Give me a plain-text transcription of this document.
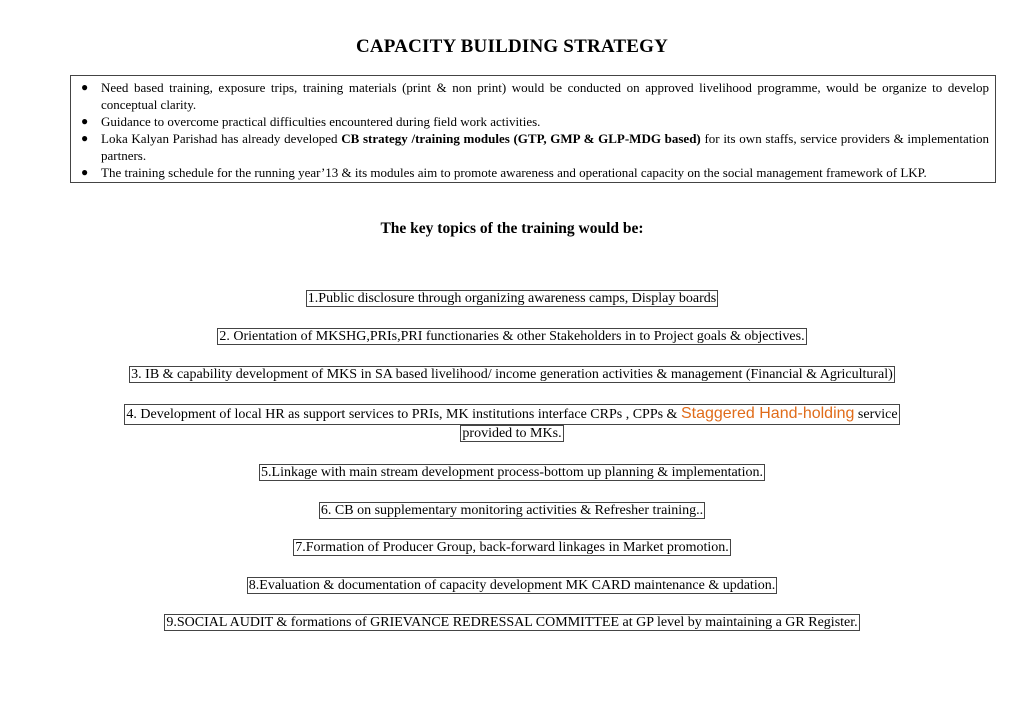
CAPACITY BUILDING STRATEGY
● Need based training, exposure trips, training materials (print & non print) would be conducted on approved livelihood programme, would be organize to develop conceptual clarity.
● Guidance to overcome practical difficulties encountered during field work activities.
● Loka Kalyan Parishad has already developed CB strategy /training modules (GTP, GMP & GLP-MDG based) for its own staffs, service providers & implementation partners.
● The training schedule for the running year’13 & its modules aim to promote awareness and operational capacity on the social management framework of LKP.
The key topics of the training would be:
1.Public disclosure through organizing awareness camps, Display boards
2. Orientation of MKSHG,PRIs,PRI functionaries & other Stakeholders in to Project goals & objectives.
3. IB & capability development of MKS in SA based livelihood/ income generation activities & management (Financial & Agricultural)
4. Development of local HR as support services to PRIs, MK institutions interface CRPs , CPPs & Staggered Hand-holding service
provided to MKs.
5.Linkage with main stream development process-bottom up planning & implementation.
6. CB on supplementary monitoring activities & Refresher training..
7.Formation of Producer Group, back-forward linkages in Market promotion.
8.Evaluation & documentation of capacity development MK CARD maintenance & updation.
9.SOCIAL AUDIT & formations of GRIEVANCE REDRESSAL COMMITTEE at GP level by maintaining a GR Register.
